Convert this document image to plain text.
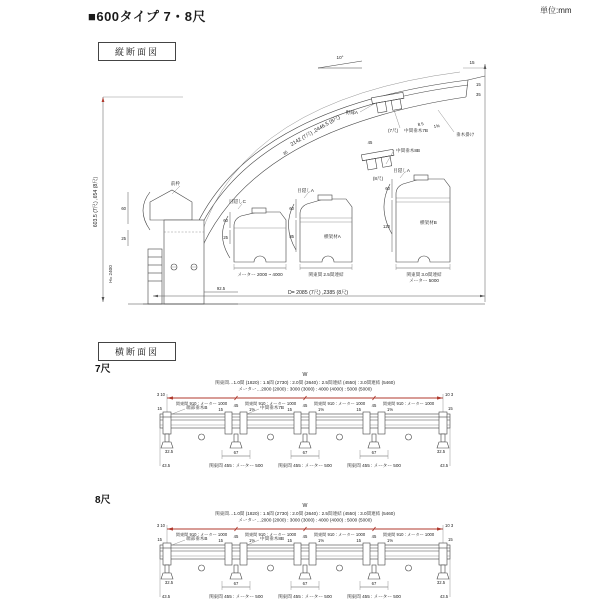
■600タイプ 7・8尺	単位:mm
縦断面図
横断面図
7尺
8尺
603.5 (7尺) ,654 (8尺)
15
10°
2142 (7尺) ,2446.5 (8尺)
35
45
野縁A
垂木掛け
8.5 1%
15
35
(7尺) 中間垂木7B
中間垂木8B
(8尺)
60
25
H= 2400
92.5
前枠
目隠しC
60
25
メーター 2000 ~ 4000
目隠しA
横架材A
60
85
関東間 2.5間連結
目隠しA
横架材B
60
120
関東間 3.0間連結
メーター 5000
D= 2085 (7尺) ,2385 (8尺)
W
関東間…1.0間 (1820) : 1.5間 (2730) : 2.0間 (3640) : 2.5間連結 (4550) : 3.0間連結 (5460)
メーター…2000 (2000) : 3000 (3000) : 4000 (4000) : 5000 (5000)
3 10	10 3
関東間 910 : メーター 1000	関東間 910 : メーター 1000	関東間 910 : メーター 1000	関東間 910 : メーター 1000
15	15
45	45	45
15	1%	15	1%	15	1%
端部垂木B	中間垂木7B
67	67	67
32.5	32.5
43.5	43.5
関東間 455 : メーター 500	関東間 455 : メーター 500	関東間 455 : メーター 500
W
関東間…1.0間 (1820) : 1.5間 (2730) : 2.0間 (3640) : 2.5間連結 (4550) : 3.0間連結 (5460)
メーター…2000 (2000) : 3000 (3000) : 4000 (4000) : 5000 (5000)
3 10	10 3
関東間 910 : メーター 1000	関東間 910 : メーター 1000	関東間 910 : メーター 1000	関東間 910 : メーター 1000
15	15
45	45	45
15	1%	15	1%	15	1%
端部垂木B	中間垂木8B
67	67	67
32.5	32.5
43.5	43.5
関東間 455 : メーター 500	関東間 455 : メーター 500	関東間 455 : メーター 500
